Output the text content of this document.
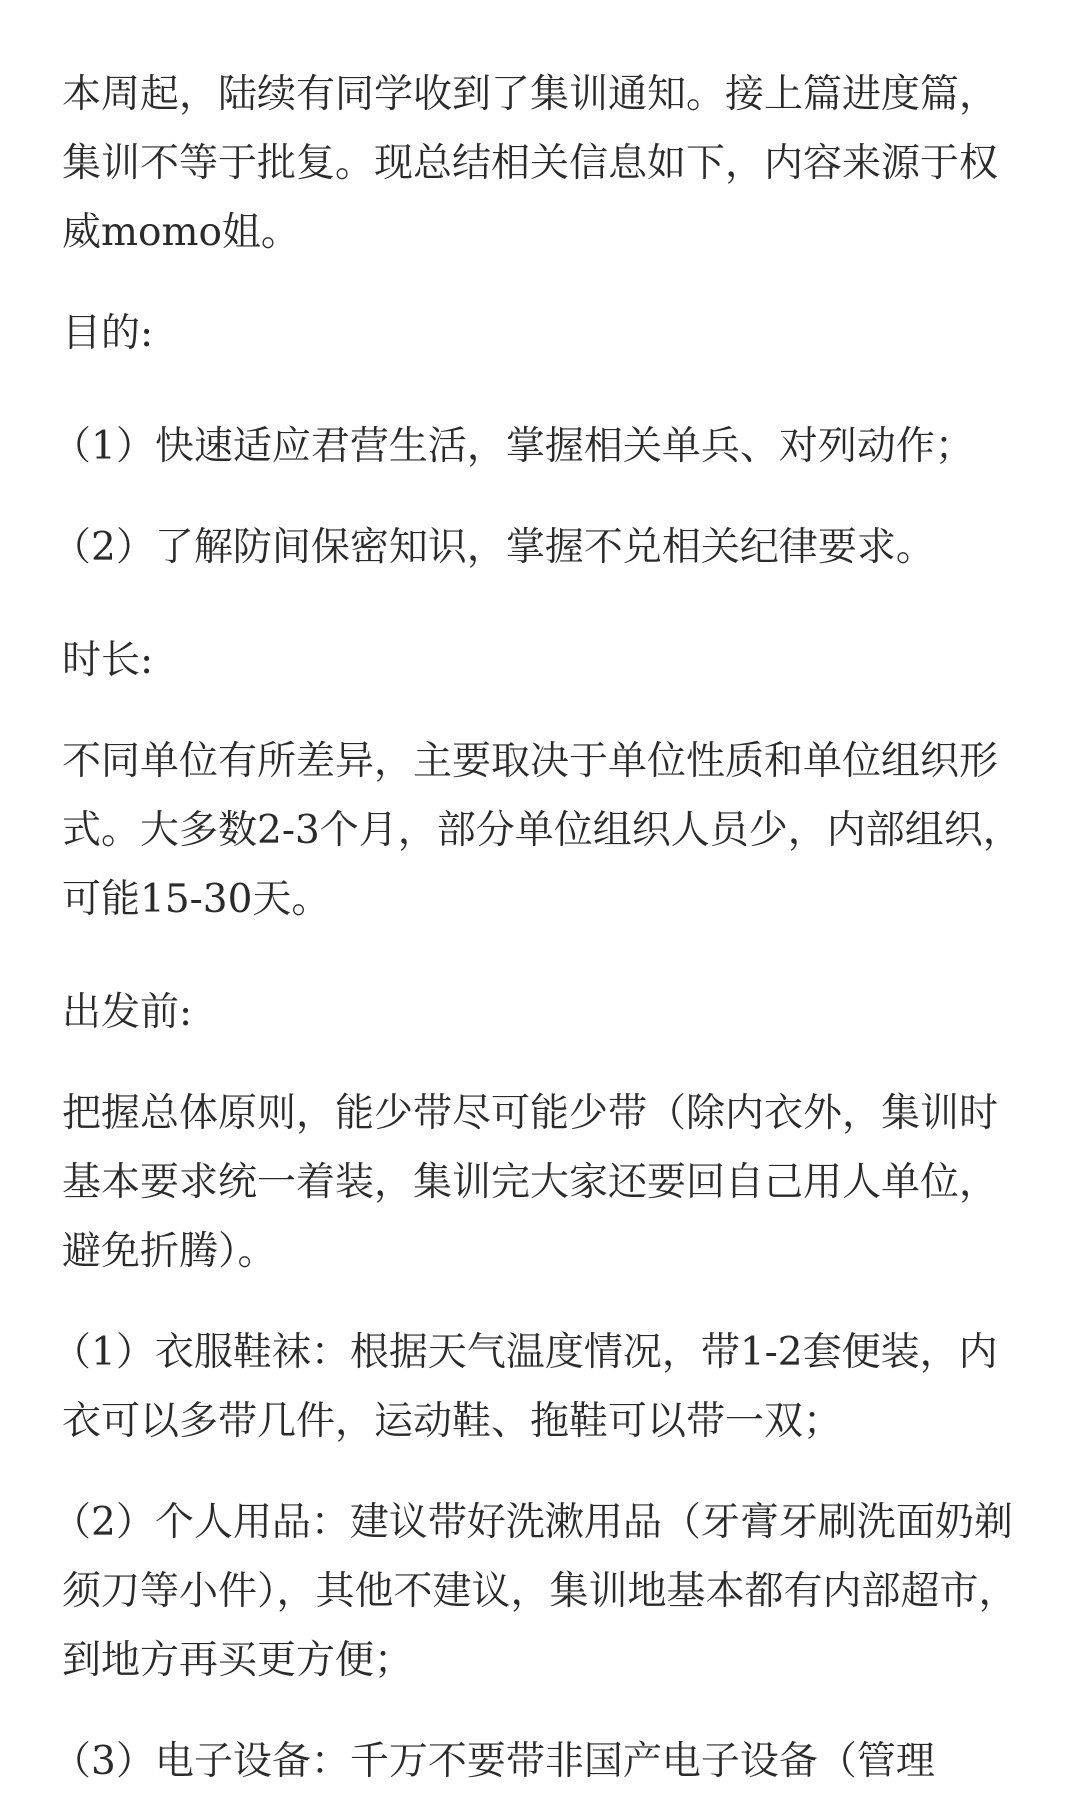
本周起，陆续有同学收到了集训通知。接上篇进度篇，集训不等于批复。现总结相关信息如下，内容来源于权威momo姐。

目的:

（1）快速适应君营生活，掌握相关单兵、对列动作；

（2）了解防间保密知识，掌握不兑相关纪律要求。

时长:

不同单位有所差异，主要取决于单位性质和单位组织形式。大多数2-3个月，部分单位组织人员少，内部组织，可能15-30天。

出发前:

把握总体原则，能少带尽可能少带（除内衣外，集训时基本要求统一着装，集训完大家还要回自己用人单位，避免折腾）。

（1）衣服鞋袜：根据天气温度情况，带1-2套便装，内衣可以多带几件，运动鞋、拖鞋可以带一双；

（2）个人用品：建议带好洗漱用品（牙膏牙刷洗面奶剃须刀等小件），其他不建议，集训地基本都有内部超市，到地方再买更方便；

（3）电子设备：千万不要带非国产电子设备（管理
